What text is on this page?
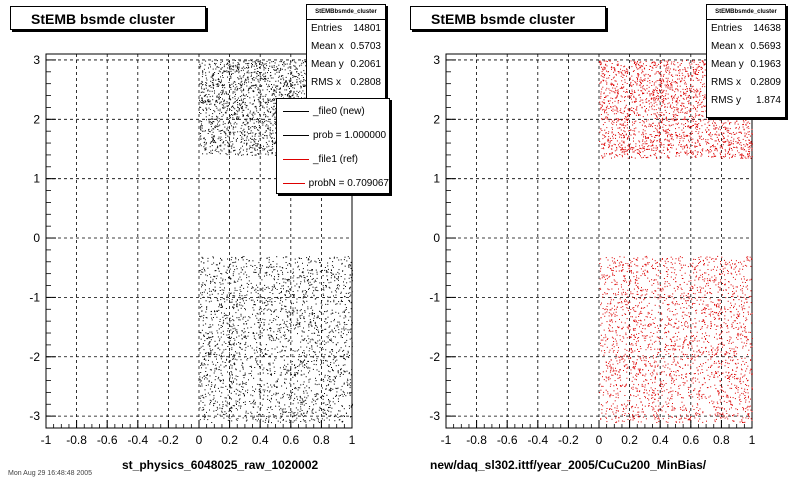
StEMB bsmde cluster
-1 -0.8 -0.6 -0.4 -0.2 0 0.2 0.4 0.6 0.8 1
-3
-2
-1
0
1
2
3
StEMBbsmde_cluster
Entries 14801
Mean x 0.5703
Mean y 0.2061
RMS x 0.2808
_file0 (new)
prob = 1.000000
_file1 (ref)
probN = 0.709067
st_physics_6048025_raw_1020002
StEMB bsmde cluster
-1 -0.8 -0.6 -0.4 -0.2 0 0.2 0.4 0.6 0.8 1
-3
-2
-1
0
1
2
3
StEMBbsmde_cluster
Entries 14638
Mean x 0.5693
Mean y 0.1963
RMS x 0.2809
RMS y 1.874
new/daq_sl302.ittf/year_2005/CuCu200_MinBias/
Mon Aug 29 16:48:48 2005
